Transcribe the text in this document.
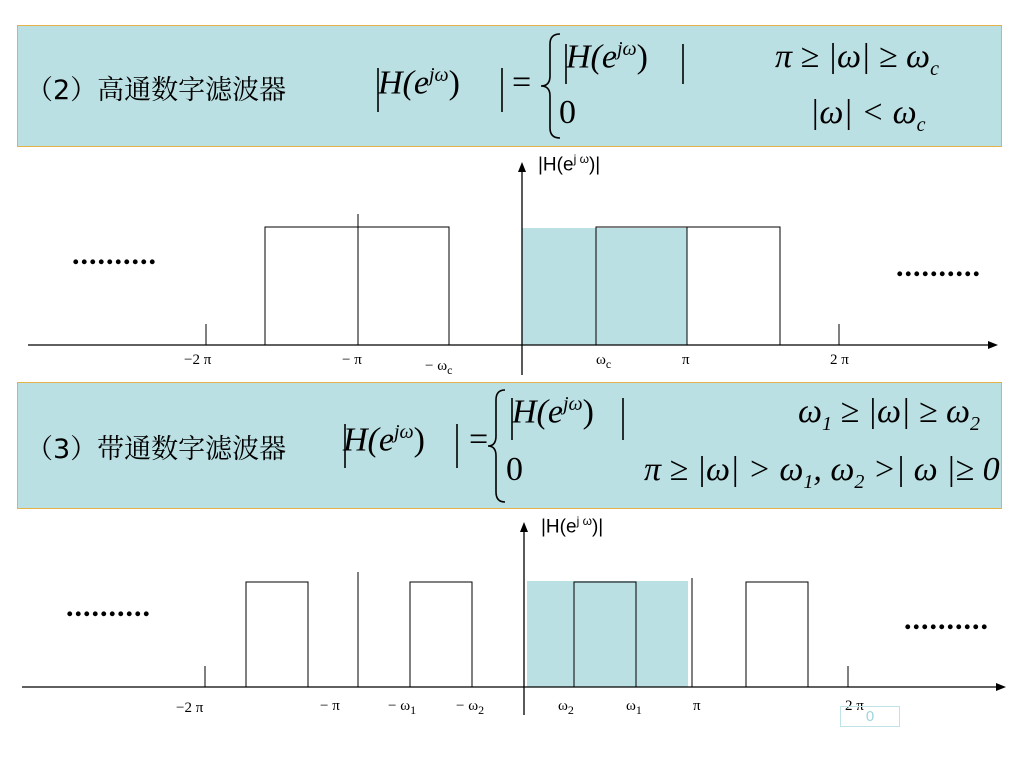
（2）高通数字滤波器	$H(e^{j\omega})$ =
$H(e^{j\omega})$	$\pi \ge |\omega| \ge \omega_c$
0	$|\omega| < \omega_c$
（3）带通数字滤波器 $H(e^{j\omega})$ =
$H(e^{j\omega})$	$\omega_1 \ge |\omega| \ge \omega_2$
0	$\pi \ge |\omega| > \omega_1$, $\omega_2$ >| ω |≥ 0
$|H(e^{j \omega})|$
..........	..........
−2 π	− π	− $\omega_c$
$\omega_c$	π	2 π
$|H(e^{j \omega})|$
..........	..........
−2 π	− π	− $\omega_1$	− $\omega_2$	$\omega_2$	$\omega_1$	π	2 π
0
